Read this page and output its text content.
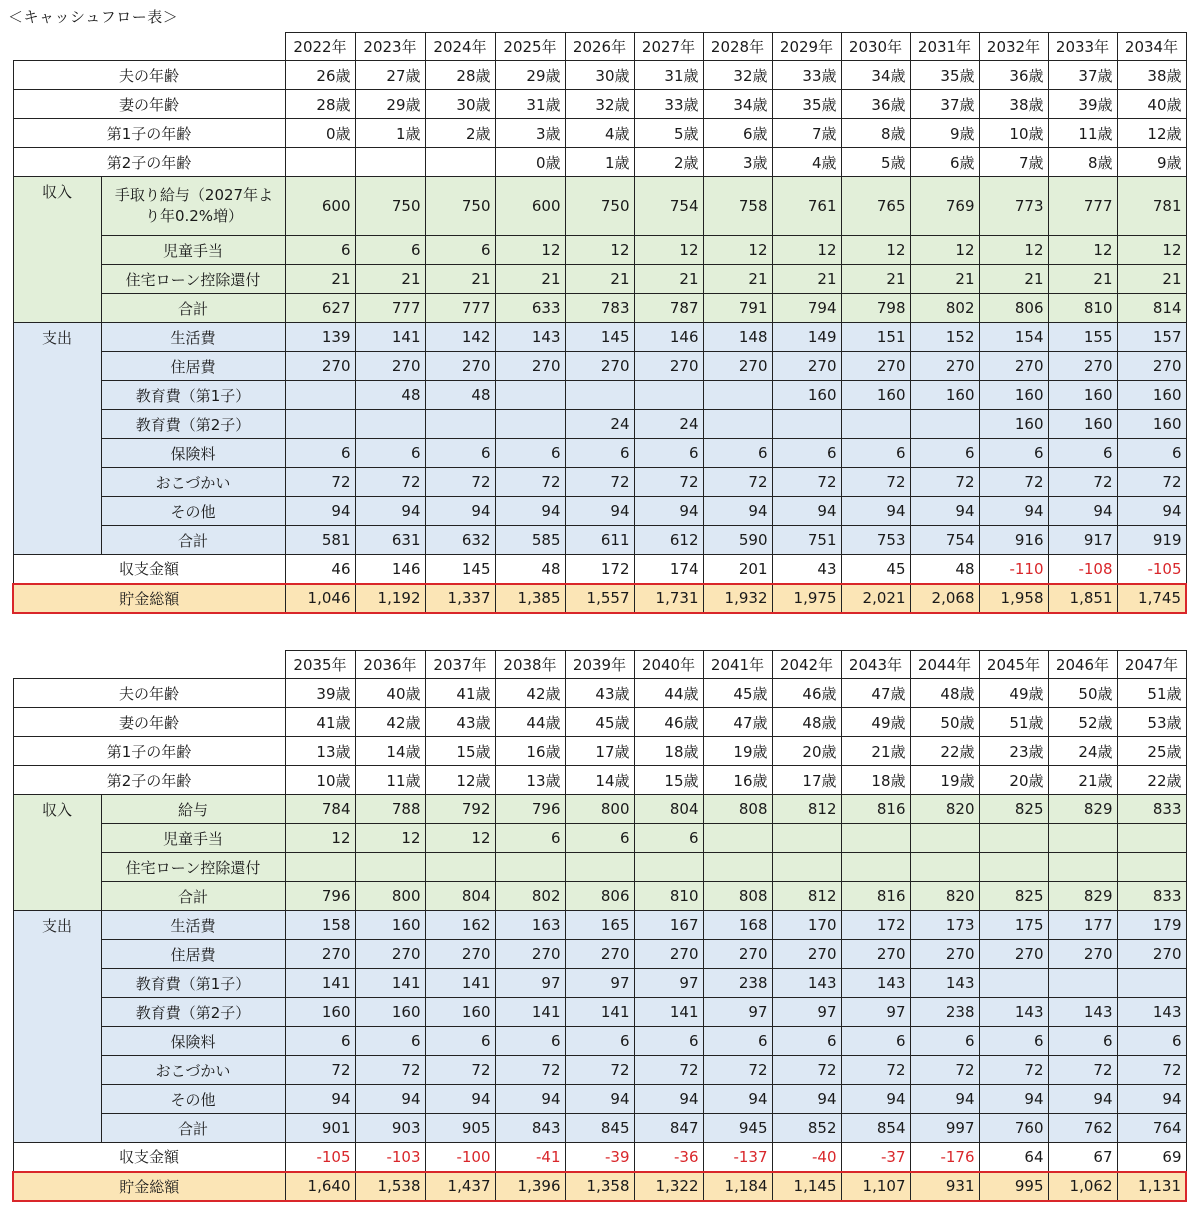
＜キャッシュフロー表＞
		2022年	2023年	2024年	2025年	2026年	2027年	2028年	2029年	2030年	2031年	2032年	2033年	2034年
夫の年齢		26歳	27歳	28歳	29歳	30歳	31歳	32歳	33歳	34歳	35歳	36歳	37歳	38歳
妻の年齢		28歳	29歳	30歳	31歳	32歳	33歳	34歳	35歳	36歳	37歳	38歳	39歳	40歳
第1子の年齢		0歳	1歳	2歳	3歳	4歳	5歳	6歳	7歳	8歳	9歳	10歳	11歳	12歳
第2子の年齢					0歳	1歳	2歳	3歳	4歳	5歳	6歳	7歳	8歳	9歳
収入	手取り給与（2027年より年0.2%増）	600	750	750	600	750	754	758	761	765	769	773	777	781
	児童手当	6	6	6	12	12	12	12	12	12	12	12	12	12
	住宅ローン控除還付	21	21	21	21	21	21	21	21	21	21	21	21	21
	合計	627	777	777	633	783	787	791	794	798	802	806	810	814
支出	生活費	139	141	142	143	145	146	148	149	151	152	154	155	157
	住居費	270	270	270	270	270	270	270	270	270	270	270	270	270
	教育費（第1子）		48	48					160	160	160	160	160	160
	教育費（第2子）					24	24					160	160	160
	保険料	6	6	6	6	6	6	6	6	6	6	6	6	6
	おこづかい	72	72	72	72	72	72	72	72	72	72	72	72	72
	その他	94	94	94	94	94	94	94	94	94	94	94	94	94
	合計	581	631	632	585	611	612	590	751	753	754	916	917	919
収支金額		46	146	145	48	172	174	201	43	45	48	-110	-108	-105
貯金総額		1,046	1,192	1,337	1,385	1,557	1,731	1,932	1,975	2,021	2,068	1,958	1,851	1,745
		2035年	2036年	2037年	2038年	2039年	2040年	2041年	2042年	2043年	2044年	2045年	2046年	2047年
夫の年齢		39歳	40歳	41歳	42歳	43歳	44歳	45歳	46歳	47歳	48歳	49歳	50歳	51歳
妻の年齢		41歳	42歳	43歳	44歳	45歳	46歳	47歳	48歳	49歳	50歳	51歳	52歳	53歳
第1子の年齢		13歳	14歳	15歳	16歳	17歳	18歳	19歳	20歳	21歳	22歳	23歳	24歳	25歳
第2子の年齢		10歳	11歳	12歳	13歳	14歳	15歳	16歳	17歳	18歳	19歳	20歳	21歳	22歳
収入	給与	784	788	792	796	800	804	808	812	816	820	825	829	833
	児童手当	12	12	12	6	6	6							
	住宅ローン控除還付													
	合計	796	800	804	802	806	810	808	812	816	820	825	829	833
支出	生活費	158	160	162	163	165	167	168	170	172	173	175	177	179
	住居費	270	270	270	270	270	270	270	270	270	270	270	270	270
	教育費（第1子）	141	141	141	97	97	97	238	143	143	143			
	教育費（第2子）	160	160	160	141	141	141	97	97	97	238	143	143	143
	保険料	6	6	6	6	6	6	6	6	6	6	6	6	6
	おこづかい	72	72	72	72	72	72	72	72	72	72	72	72	72
	その他	94	94	94	94	94	94	94	94	94	94	94	94	94
	合計	901	903	905	843	845	847	945	852	854	997	760	762	764
収支金額		-105	-103	-100	-41	-39	-36	-137	-40	-37	-176	64	67	69
貯金総額		1,640	1,538	1,437	1,396	1,358	1,322	1,184	1,145	1,107	931	995	1,062	1,131
